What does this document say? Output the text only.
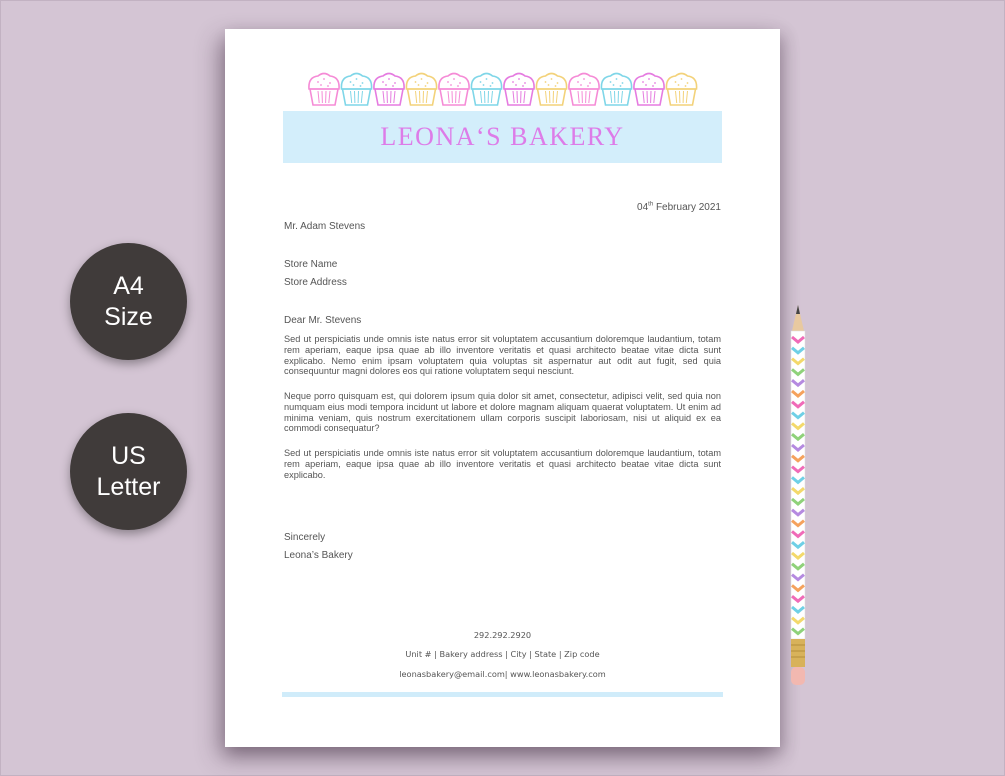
A4
Size
US
Letter
LEONA‘S BAKERY
04th February 2021
Mr. Adam Stevens
Store Name
Store Address
Dear Mr. Stevens

Sed ut perspiciatis unde omnis iste natus error sit voluptatem accusantium doloremque laudantium, totam rem aperiam, eaque ipsa quae ab illo inventore veritatis et quasi architecto beatae vitae dicta sunt explicabo. Nemo enim ipsam voluptatem quia voluptas sit aspernatur aut odit aut fugit, sed quia consequuntur magni dolores eos qui ratione voluptatem sequi nesciunt.

Neque porro quisquam est, qui dolorem ipsum quia dolor sit amet, consectetur, adipisci velit, sed quia non numquam eius modi tempora incidunt ut labore et dolore magnam aliquam quaerat voluptatem. Ut enim ad minima veniam, quis nostrum exercitationem ullam corporis suscipit laboriosam, nisi ut aliquid ex ea commodi consequatur?

Sed ut perspiciatis unde omnis iste natus error sit voluptatem accusantium doloremque laudantium, totam rem aperiam, eaque ipsa quae ab illo inventore veritatis et quasi architecto beatae vitae dicta sunt explicabo.

Sincerely
Leona’s Bakery
292.292.2920
Unit # | Bakery address | City | State | Zip code
leonasbakery@email.com| www.leonasbakery.com
